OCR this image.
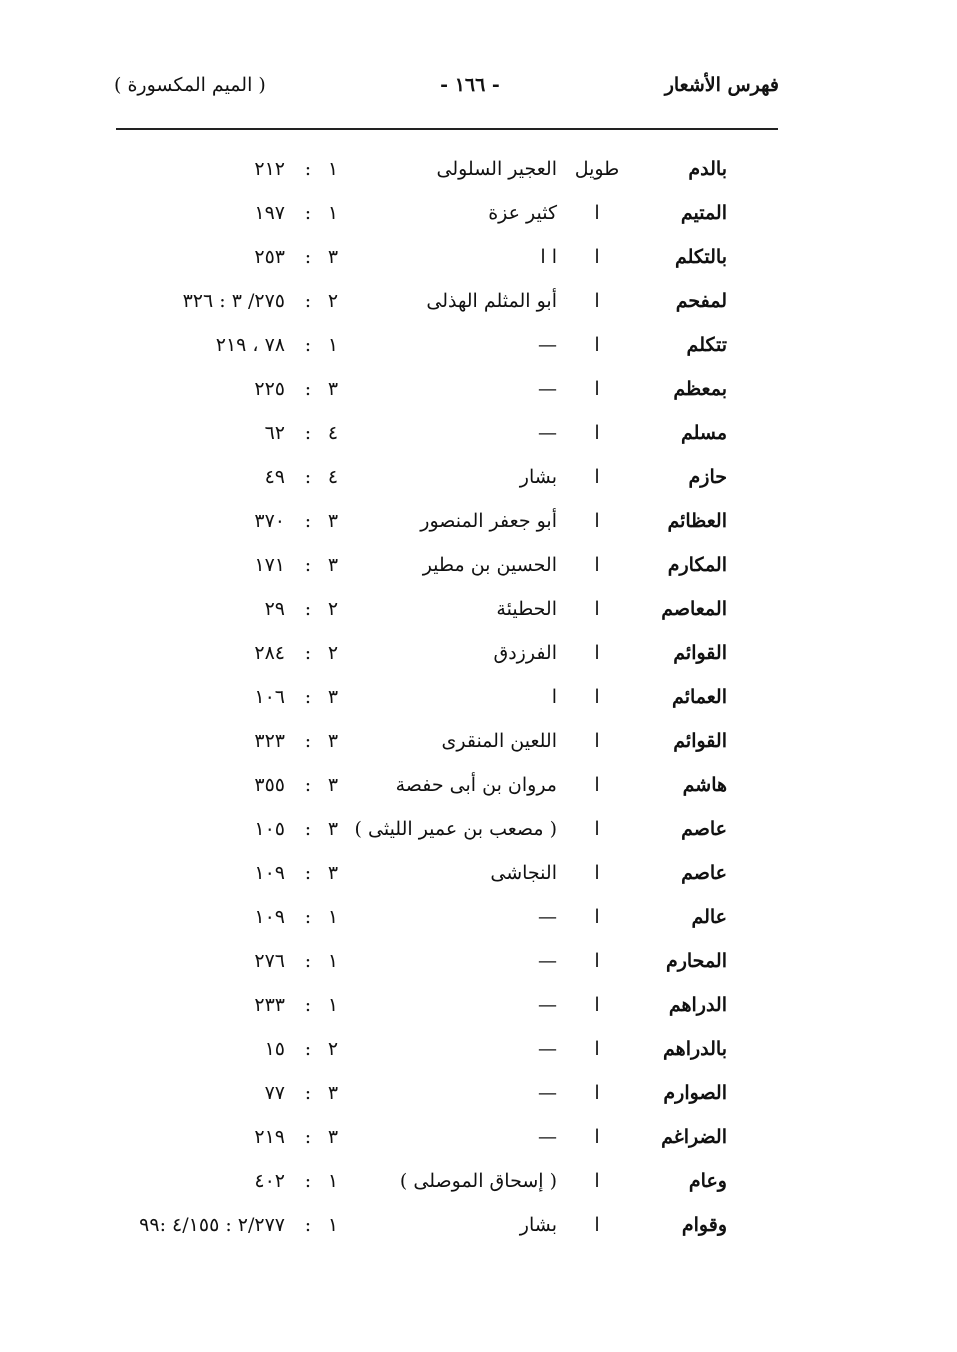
فهرس الأشعار
- ١٦٦ -
( الميم المكسورة )
بالدم
طويل
العجير السلولى
١
:
٢١٢
المتيم
ا
كثير عزة
١
:
١٩٧
بالتكلم
ا
ا ا
٣
:
٢٥٣
لمفحم
ا
أبو المثلم الهذلى
٢
:
٢٧٥/ ٣ : ٣٢٦
تتكلم
ا
—
١
:
٧٨ ، ٢١٩
بمعظم
ا
—
٣
:
٢٢٥
مسلم
ا
—
٤
:
٦٢
حازم
ا
بشار
٤
:
٤٩
العظائم
ا
أبو جعفر المنصور
٣
:
٣٧٠
المكارم
ا
الحسين بن مطير
٣
:
١٧١
المعاصم
ا
الحطيئة
٢
:
٢٩
القوائم
ا
الفرزدق
٢
:
٢٨٤
العمائم
ا
ا
٣
:
١٠٦
القوائم
ا
اللعين المنقرى
٣
:
٣٢٣
هاشم
ا
مروان بن أبى حفصة
٣
:
٣٥٥
عاصم
ا
( مصعب بن عمير الليثى )
٣
:
١٠٥
عاصم
ا
النجاشى
٣
:
١٠٩
عالم
ا
—
١
:
١٠٩
المحارم
ا
—
١
:
٢٧٦
الدراهم
ا
—
١
:
٢٣٣
بالدراهم
ا
—
٢
:
١٥
الصوارم
ا
—
٣
:
٧٧
الضراغم
ا
—
٣
:
٢١٩
وعام
ا
( إسحاق الموصلى )
١
:
٤٠٢
وقوام
ا
بشار
١
:
٢/٢٧٧ : ٤/١٥٥ :٩٩
